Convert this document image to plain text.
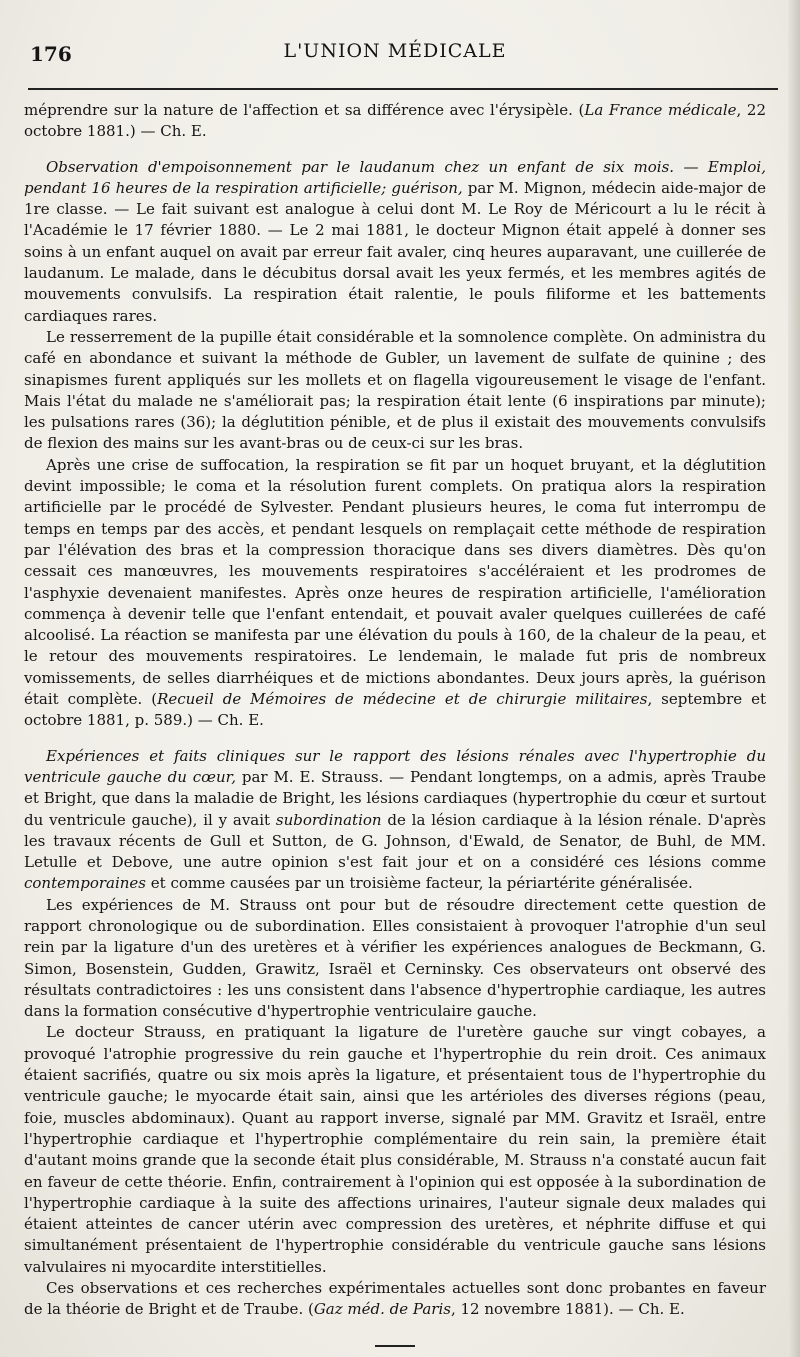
176	L'UNION MÉDICALE

méprendre sur la nature de l'affection et sa différence avec l'érysipèle. (La France médicale, 22 octobre 1881.) — Ch. E.

Observation d'empoisonnement par le laudanum chez un enfant de six mois. — Emploi, pendant 16 heures de la respiration artificielle; guérison, par M. Mignon, médecin aide-major de 1re classe. — Le fait suivant est analogue à celui dont M. Le Roy de Méricourt a lu le récit à l'Académie le 17 février 1880. — Le 2 mai 1881, le docteur Mignon était appelé à donner ses soins à un enfant auquel on avait par erreur fait avaler, cinq heures auparavant, une cuillerée de laudanum. Le malade, dans le décubitus dorsal avait les yeux fermés, et les membres agités de mouvements convulsifs. La respiration était ralentie, le pouls filiforme et les battements cardiaques rares.

Le resserrement de la pupille était considérable et la somnolence complète. On administra du café en abondance et suivant la méthode de Gubler, un lavement de sulfate de quinine ; des sinapismes furent appliqués sur les mollets et on flagella vigoureusement le visage de l'enfant. Mais l'état du malade ne s'améliorait pas; la respiration était lente (6 inspirations par minute); les pulsations rares (36); la déglutition pénible, et de plus il existait des mouvements convulsifs de flexion des mains sur les avant-bras ou de ceux-ci sur les bras.

Après une crise de suffocation, la respiration se fit par un hoquet bruyant, et la déglutition devint impossible; le coma et la résolution furent complets. On pratiqua alors la respiration artificielle par le procédé de Sylvester. Pendant plusieurs heures, le coma fut interrompu de temps en temps par des accès, et pendant lesquels on remplaçait cette méthode de respiration par l'élévation des bras et la compression thoracique dans ses divers diamètres. Dès qu'on cessait ces manœuvres, les mouvements respiratoires s'accéléraient et les prodromes de l'asphyxie devenaient manifestes. Après onze heures de respiration artificielle, l'amélioration commença à devenir telle que l'enfant entendait, et pouvait avaler quelques cuillerées de café alcoolisé. La réaction se manifesta par une élévation du pouls à 160, de la chaleur de la peau, et le retour des mouvements respiratoires. Le lendemain, le malade fut pris de nombreux vomissements, de selles diarrhéiques et de mictions abondantes. Deux jours après, la guérison était complète. (Recueil de Mémoires de médecine et de chirurgie militaires, septembre et octobre 1881, p. 589.) — Ch. E.

Expériences et faits cliniques sur le rapport des lésions rénales avec l'hypertrophie du ventricule gauche du cœur, par M. E. Strauss. — Pendant longtemps, on a admis, après Traube et Bright, que dans la maladie de Bright, les lésions cardiaques (hypertrophie du cœur et surtout du ventricule gauche), il y avait subordination de la lésion cardiaque à la lésion rénale. D'après les travaux récents de Gull et Sutton, de G. Johnson, d'Ewald, de Senator, de Buhl, de MM. Letulle et Debove, une autre opinion s'est fait jour et on a considéré ces lésions comme contemporaines et comme causées par un troisième facteur, la périartérite généralisée.

Les expériences de M. Strauss ont pour but de résoudre directement cette question de rapport chronologique ou de subordination. Elles consistaient à provoquer l'atrophie d'un seul rein par la ligature d'un des uretères et à vérifier les expériences analogues de Beckmann, G. Simon, Bosenstein, Gudden, Grawitz, Israël et Cerninsky. Ces observateurs ont observé des résultats contradictoires : les uns consistent dans l'absence d'hypertrophie cardiaque, les autres dans la formation consécutive d'hypertrophie ventriculaire gauche.

Le docteur Strauss, en pratiquant la ligature de l'uretère gauche sur vingt cobayes, a provoqué l'atrophie progressive du rein gauche et l'hypertrophie du rein droit. Ces animaux étaient sacrifiés, quatre ou six mois après la ligature, et présentaient tous de l'hypertrophie du ventricule gauche; le myocarde était sain, ainsi que les artérioles des diverses régions (peau, foie, muscles abdominaux). Quant au rapport inverse, signalé par MM. Gravitz et Israël, entre l'hypertrophie cardiaque et l'hypertrophie complémentaire du rein sain, la première était d'autant moins grande que la seconde était plus considérable, M. Strauss n'a constaté aucun fait en faveur de cette théorie. Enfin, contrairement à l'opinion qui est opposée à la subordination de l'hypertrophie cardiaque à la suite des affections urinaires, l'auteur signale deux malades qui étaient atteintes de cancer utérin avec compression des uretères, et néphrite diffuse et qui simultanément présentaient de l'hypertrophie considérable du ventricule gauche sans lésions valvulaires ni myocardite interstitielles.

Ces observations et ces recherches expérimentales actuelles sont donc probantes en faveur de la théorie de Bright et de Traube. (Gaz méd. de Paris, 12 novembre 1881). — Ch. E.
